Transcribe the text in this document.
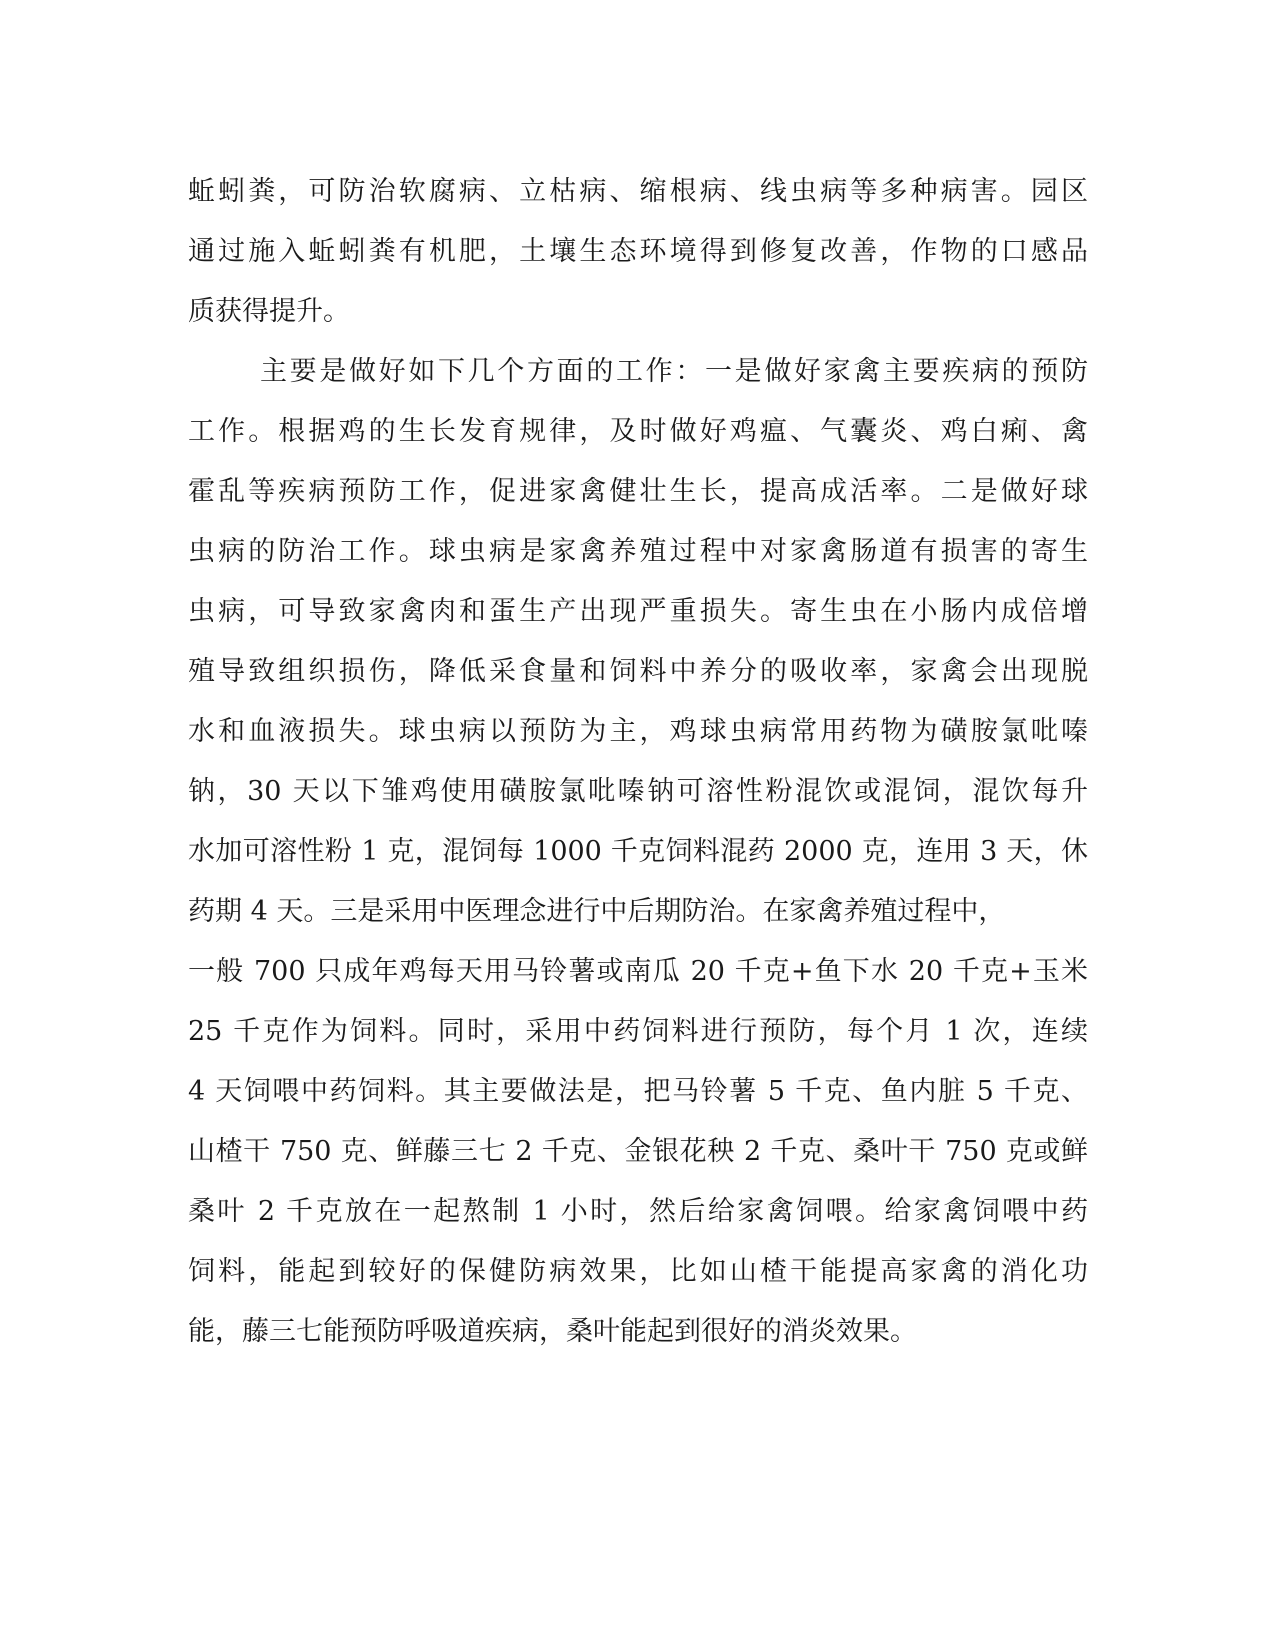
蚯蚓粪，可防治软腐病、立枯病、缩根病、线虫病等多种病害。园区
通过施入蚯蚓粪有机肥，土壤生态环境得到修复改善，作物的口感品
质获得提升。
主要是做好如下几个方面的工作：一是做好家禽主要疾病的预防
工作。根据鸡的生长发育规律，及时做好鸡瘟、气囊炎、鸡白痢、禽
霍乱等疾病预防工作，促进家禽健壮生长，提高成活率。二是做好球
虫病的防治工作。球虫病是家禽养殖过程中对家禽肠道有损害的寄生
虫病，可导致家禽肉和蛋生产出现严重损失。寄生虫在小肠内成倍增
殖导致组织损伤，降低采食量和饲料中养分的吸收率，家禽会出现脱
水和血液损失。球虫病以预防为主，鸡球虫病常用药物为磺胺氯吡嗪
钠，30 天以下雏鸡使用磺胺氯吡嗪钠可溶性粉混饮或混饲，混饮每升
水加可溶性粉 1 克，混饲每 1000 千克饲料混药 2000 克，连用 3 天，休
药期 4 天。三是采用中医理念进行中后期防治。在家禽养殖过程中，
一般 700 只成年鸡每天用马铃薯或南瓜 20 千克+鱼下水 20 千克+玉米
25 千克作为饲料。同时，采用中药饲料进行预防，每个月 1 次，连续
4 天饲喂中药饲料。其主要做法是，把马铃薯 5 千克、鱼内脏 5 千克、
山楂干 750 克、鲜藤三七 2 千克、金银花秧 2 千克、桑叶干 750 克或鲜
桑叶 2 千克放在一起熬制 1 小时，然后给家禽饲喂。给家禽饲喂中药
饲料，能起到较好的保健防病效果，比如山楂干能提高家禽的消化功
能，藤三七能预防呼吸道疾病，桑叶能起到很好的消炎效果。
